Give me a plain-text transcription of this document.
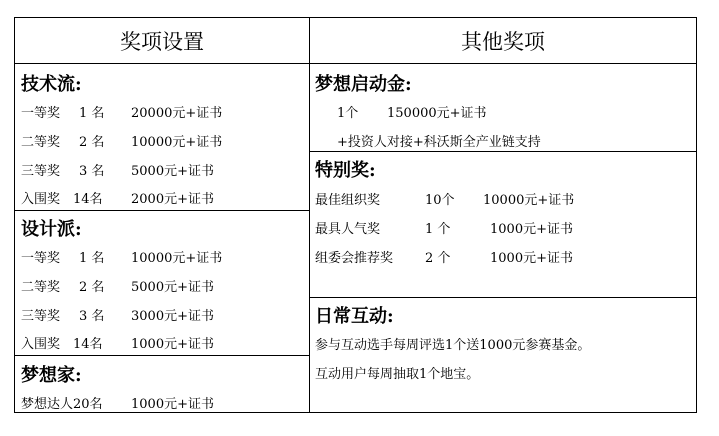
奖项设置	其他奖项
技术流:
一等奖 1 名 20000元+证书
二等奖 2 名 10000元+证书
三等奖 3 名 5000元+证书
入围奖 14名 2000元+证书
设计派:
一等奖 1 名 10000元+证书
二等奖 2 名 5000元+证书
三等奖 3 名 3000元+证书
入围奖 14名 1000元+证书
梦想家:
梦想达人20名 1000元+证书
梦想启动金:
1个 150000元+证书
+投资人对接+科沃斯全产业链支持
特别奖:
最佳组织奖	10个 10000元+证书
最具人气奖	1 个	1000元+证书
组委会推荐奖 2 个	1000元+证书
日常互动:
参与互动选手每周评选1个送1000元参赛基金。
互动用户每周抽取1个地宝。
